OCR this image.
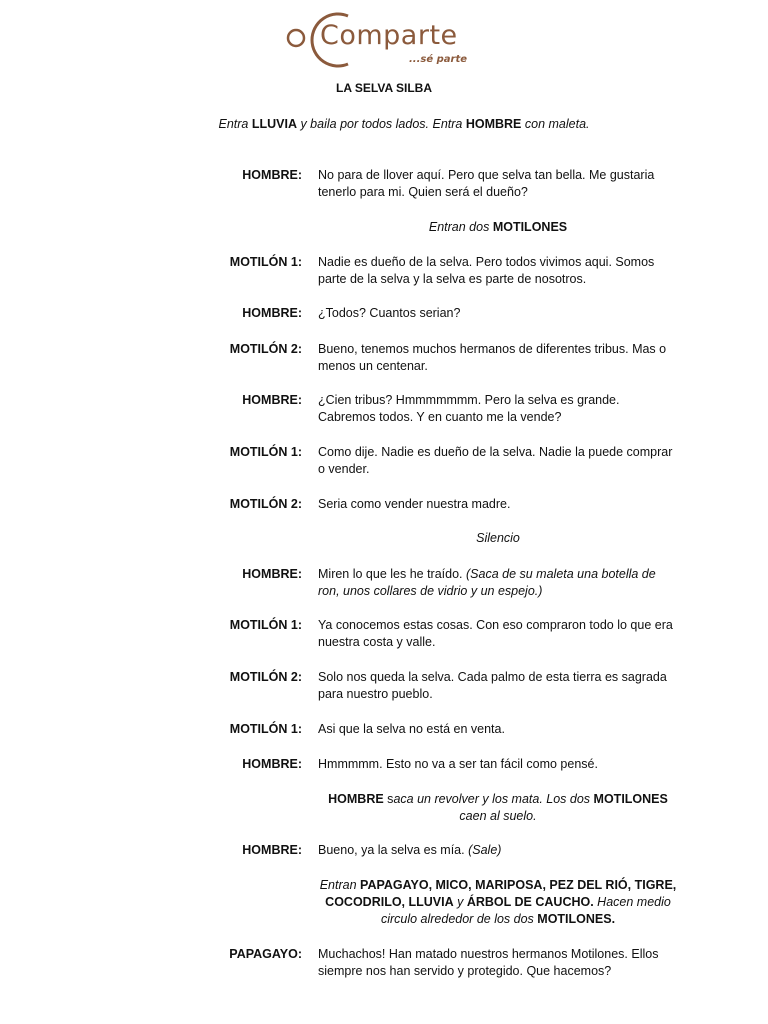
Comparte
...sé parte
LA SELVA SILBA
Entra LLUVIA y baila por todos lados. Entra HOMBRE con maleta.
HOMBRE: No para de llover aquí. Pero que selva tan bella. Me gustaria tenerlo para mi. Quien será el dueño?
Entran dos MOTILONES
MOTILÓN 1: Nadie es dueño de la selva. Pero todos vivimos aqui. Somos parte de la selva y la selva es parte de nosotros.
HOMBRE: ¿Todos? Cuantos serian?
MOTILÓN 2: Bueno, tenemos muchos hermanos de diferentes tribus. Mas o menos un centenar.
HOMBRE: ¿Cien tribus? Hmmmmmmm. Pero la selva es grande. Cabremos todos. Y en cuanto me la vende?
MOTILÓN 1: Como dije. Nadie es dueño de la selva. Nadie la puede comprar o vender.
MOTILÓN 2: Seria como vender nuestra madre.
Silencio
HOMBRE: Miren lo que les he traído. (Saca de su maleta una botella de ron, unos collares de vidrio y un espejo.)
MOTILÓN 1: Ya conocemos estas cosas. Con eso compraron todo lo que era nuestra costa y valle.
MOTILÓN 2: Solo nos queda la selva. Cada palmo de esta tierra es sagrada para nuestro pueblo.
MOTILÓN 1: Asi que la selva no está en venta.
HOMBRE: Hmmmmm. Esto no va a ser tan fácil como pensé.
HOMBRE saca un revolver y los mata. Los dos MOTILONES caen al suelo.
HOMBRE: Bueno, ya la selva es mía. (Sale)
Entran PAPAGAYO, MICO, MARIPOSA, PEZ DEL RIÓ, TIGRE, COCODRILO, LLUVIA y ÁRBOL DE CAUCHO. Hacen medio circulo alrededor de los dos MOTILONES.
PAPAGAYO: Muchachos! Han matado nuestros hermanos Motilones. Ellos siempre nos han servido y protegido. Que hacemos?
